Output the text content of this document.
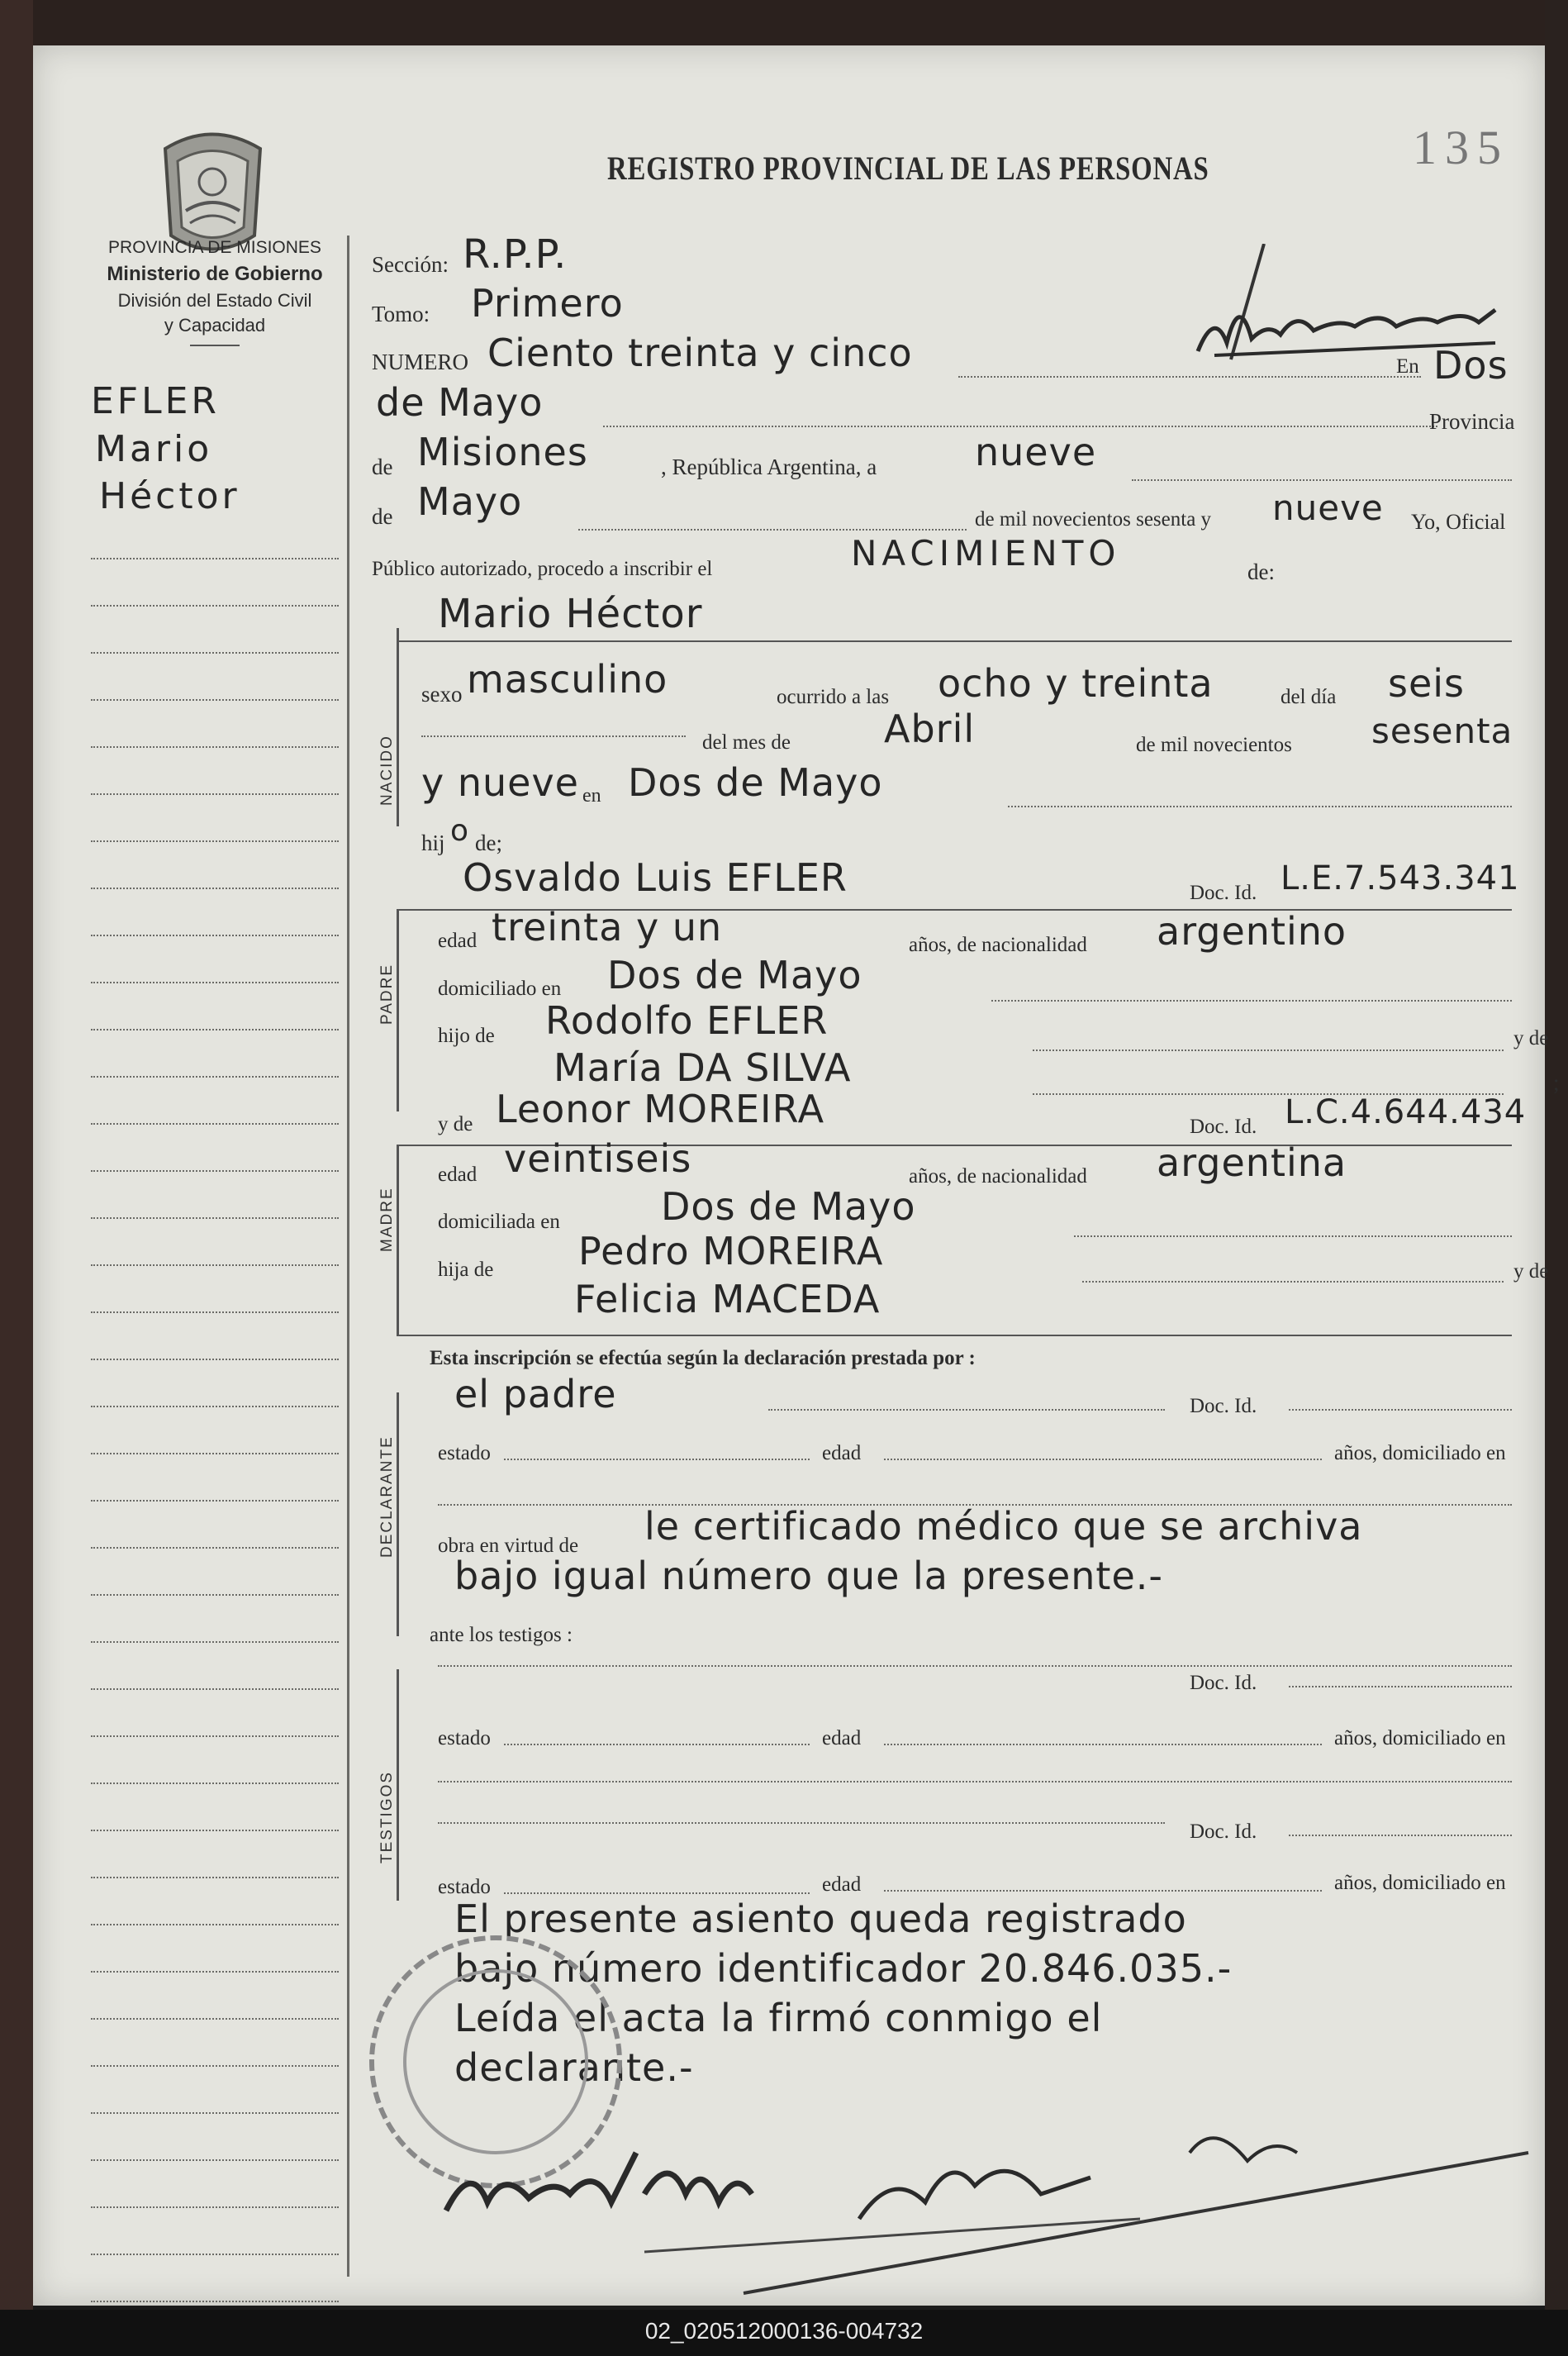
PROVINCIA DE MISIONES
Ministerio de Gobierno
División del Estado Civil
y Capacidad
EFLER
Mario
Héctor
REGISTRO PROVINCIAL DE LAS PERSONAS	135
Sección: R.P.P.
Tomo: Primero
NUMERO Ciento treinta y cinco	En Dos
de Mayo	Provincia
de Misiones	, República Argentina, a	nueve
de Mayo	de mil novecientos sesenta y nueve Yo, Oficial
Público autorizado, procedo a inscribir el	NACIMIENTO	de:
NACIDO
Mario Héctor
sexo masculino	ocurrido a las ocho y treinta	del día seis
del mes de Abril	de mil novecientos sesenta
y nueve en Dos de Mayo
hij o de;
PADRE
Osvaldo Luis EFLER	Doc. Id. L.E.7.543.341
edad treinta y un	años, de nacionalidad argentino
domiciliado en Dos de Mayo
hijo de Rodolfo EFLER	y de
María DA SILVA	;
MADRE
y de Leonor MOREIRA	Doc. Id. L.C.4.644.434
edad veintiseis	años, de nacionalidad argentina
domiciliada en	Dos de Mayo
hija de Pedro MOREIRA	y de
Felicia MACEDA
Esta inscripción se efectúa según la declaración prestada por :
DECLARANTE
el padre	Doc. Id.
estado	edad	años, domiciliado en
obra en virtud de le certificado médico que se archiva
bajo igual número que la presente.-
ante los testigos :
TESTIGOS
Doc. Id.
estado	edad	años, domiciliado en
Doc. Id.
estado	edad	años, domiciliado en
El presente asiento queda registrado
bajo número identificador 20.846.035.-
Leída el acta la firmó conmigo el
declarante.-
02_020512000136-004732
